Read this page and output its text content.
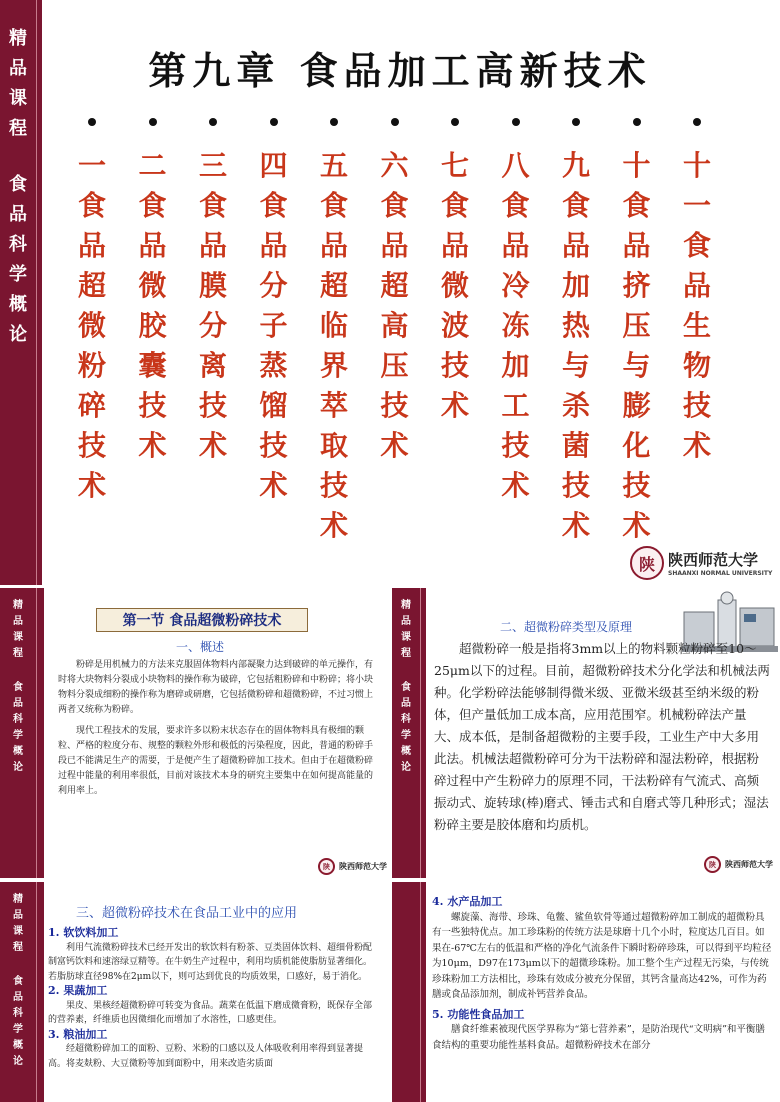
精
品
课
程
食
品
科
学
概
论
第九章 食品加工高新技术
一
食
品
超
微
粉
碎
技
术
二
食
品
微
胶
囊
技
术
三
食
品
膜
分
离
技
术
四
食
品
分
子
蒸
馏
技
术
五
食
品
超
临
界
萃
取
技
术
六
食
品
超
高
压
技
术
七
食
品
微
波
技
术
八
食
品
冷
冻
加
工
技
术
九
食
品
加
热
与
杀
菌
技
术
十
食
品
挤
压
与
膨
化
技
术
十
一
食
品
生
物
技
术
陕 陕西师范大学
SHAANXI NORMAL UNIVERSITY
精
品
课
程
食
品
科
学
概
论
第一节 食品超微粉碎技术
一、概述

粉碎是用机械力的方法来克服固体物料内部凝聚力达到破碎的单元操作，有时将大块物料分裂成小块物料的操作称为破碎，它包括粗粉碎和中粉碎；将小块物料分裂成细粉的操作称为磨碎或研磨，它包括微粉碎和超微粉碎，不过习惯上两者又统称为粉碎。

现代工程技术的发展，要求许多以粉末状态存在的固体物料具有极细的颗粒、严格的粒度分布、规整的颗粒外形和极低的污染程度，因此，普通的粉碎手段已不能满足生产的需要，于是便产生了超微粉碎加工技术。但由于在超微粉碎过程中能量的利用率很低，目前对该技术本身的研究主要集中在如何提高能量的利用率上。

陕	陕西师范大学
精
品
课
程
食
品
科
学
概
论
二、超微粉碎类型及原理

超微粉碎一般是指将3mm以上的物料颗粒粉碎至10～25μm以下的过程。目前，超微粉碎技术分化学法和机械法两种。化学粉碎法能够制得微米级、亚微米级甚至纳米级的粉体，但产量低加工成本高，应用范围窄。机械粉碎法产量大、成本低，是制备超微粉的主要手段，工业生产中大多用此法。机械法超微粉碎可分为干法粉碎和湿法粉碎，根据粉碎过程中产生粉碎力的原理不同，干法粉碎有气流式、高频振动式、旋转球(棒)磨式、锤击式和自磨式等几种形式；湿法粉碎主要是胶体磨和均质机。

陕	陕西师范大学
精
品
课
程
食
品
科
学
概
论
三、超微粉碎技术在食品工业中的应用
1. 软饮料加工

利用气流微粉碎技术已经开发出的软饮料有粉茶、豆类固体饮料、超细骨粉配制富钙饮料和速溶绿豆精等。在牛奶生产过程中，利用均质机能使脂肪显著细化。若脂肪球直径98%在2μm以下，则可达到优良的均质效果，口感好，易于消化。

2. 果蔬加工

果皮、果核经超微粉碎可转变为食品。蔬菜在低温下磨成微膏粉，既保存全部的营养素，纤维质也因微细化而增加了水溶性，口感更佳。

3. 粮油加工

经超微粉碎加工的面粉、豆粉、米粉的口感以及人体吸收利用率得到显著提高。将麦麸粉、大豆微粉等加到面粉中，用来改造劣质面

4. 水产品加工

螺旋藻、海带、珍珠、龟鳖、鲨鱼软骨等通过超微粉碎加工制成的超微粉具有一些独特优点。加工珍珠粉的传统方法是球磨十几个小时，粒度达几百目。如果在-67℃左右的低温和严格的净化气流条件下瞬时粉碎珍珠，可以得到平均粒径为10μm，D97在173μm以下的超微珍珠粉。加工整个生产过程无污染，与传统珍珠粉加工方法相比，珍珠有效成分被充分保留，其钙含量高达42%，可作为药膳或食品添加剂，制成补钙营养食品。

5. 功能性食品加工

膳食纤维素被现代医学界称为“第七营养素”，是防治现代“文明病”和平衡膳食结构的重要功能性基料食品。超微粉碎技术在部分
